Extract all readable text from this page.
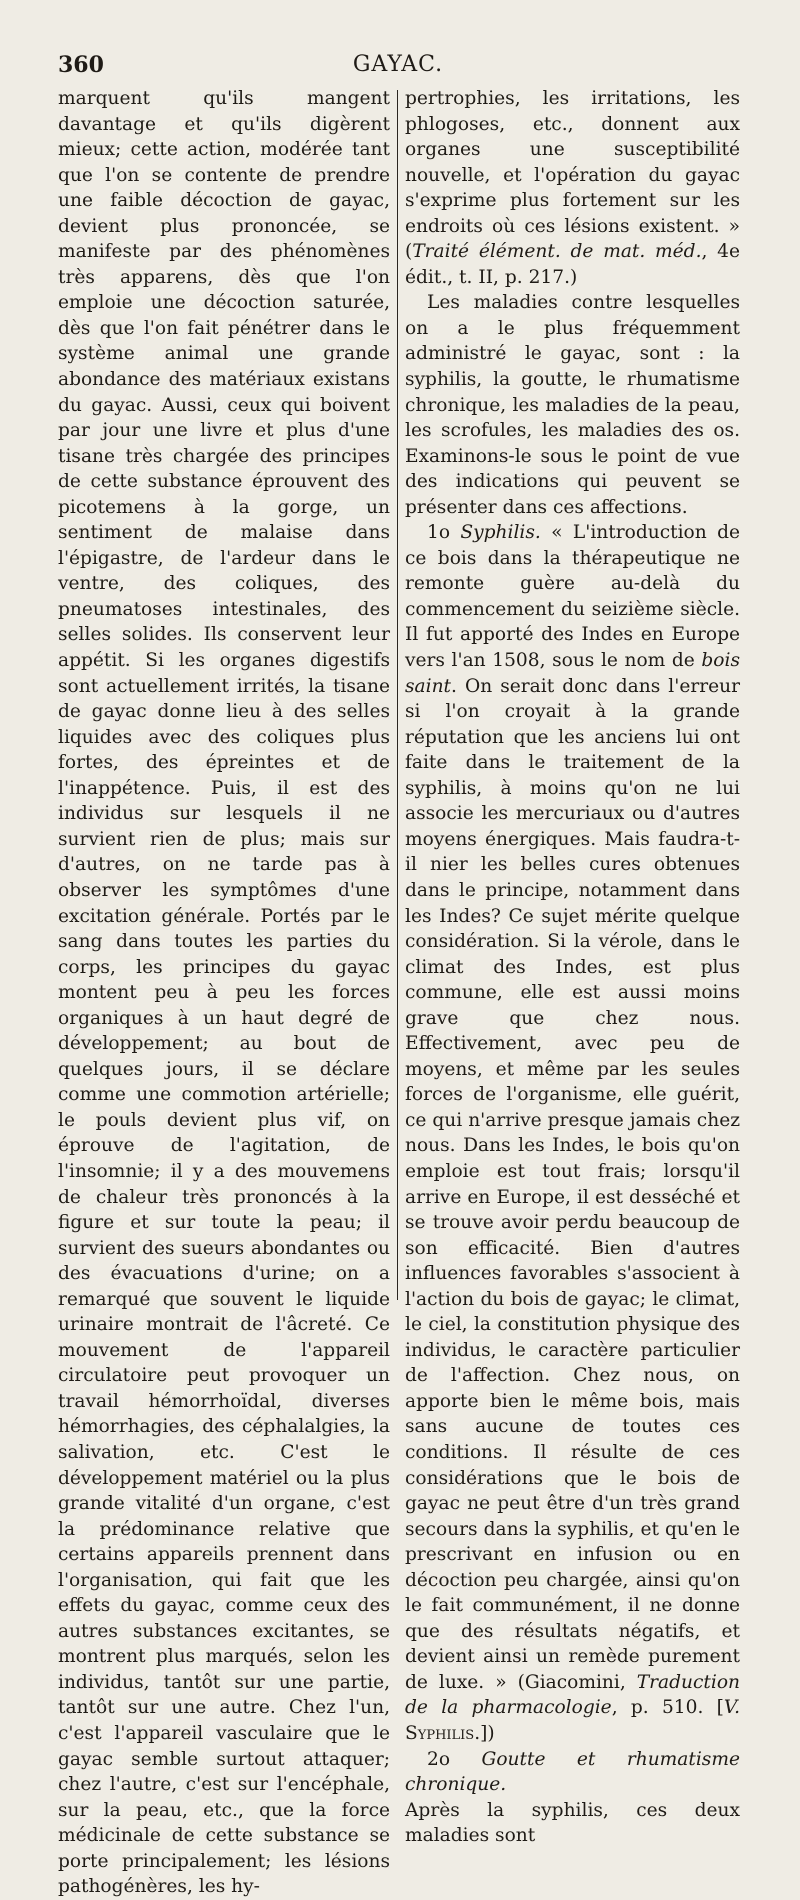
360	GAYAC.

marquent qu'ils mangent davantage et qu'ils digèrent mieux; cette action, modérée tant que l'on se contente de prendre une faible décoction de gayac, devient plus prononcée, se manifeste par des phénomènes très apparens, dès que l'on emploie une décoction saturée, dès que l'on fait pénétrer dans le système animal une grande abondance des matériaux existans du gayac. Aussi, ceux qui boivent par jour une livre et plus d'une tisane très chargée des principes de cette substance éprouvent des picotemens à la gorge, un sentiment de malaise dans l'épigastre, de l'ardeur dans le ventre, des coliques, des pneumatoses intestinales, des selles solides. Ils conservent leur appétit. Si les organes digestifs sont actuellement irrités, la tisane de gayac donne lieu à des selles liquides avec des coliques plus fortes, des épreintes et de l'inappétence. Puis, il est des individus sur lesquels il ne survient rien de plus; mais sur d'autres, on ne tarde pas à observer les symptômes d'une excitation générale. Portés par le sang dans toutes les parties du corps, les principes du gayac montent peu à peu les forces organiques à un haut degré de développement; au bout de quelques jours, il se déclare comme une commotion artérielle; le pouls devient plus vif, on éprouve de l'agitation, de l'insomnie; il y a des mouvemens de chaleur très prononcés à la figure et sur toute la peau; il survient des sueurs abondantes ou des évacuations d'urine; on a remarqué que souvent le liquide urinaire montrait de l'âcreté. Ce mouvement de l'appareil circulatoire peut provoquer un travail hémorrhoïdal, diverses hémorrhagies, des céphalalgies, la salivation, etc. C'est le développement matériel ou la plus grande vitalité d'un organe, c'est la prédominance relative que certains appareils prennent dans l'organisation, qui fait que les effets du gayac, comme ceux des autres substances excitantes, se montrent plus marqués, selon les individus, tantôt sur une partie, tantôt sur une autre. Chez l'un, c'est l'appareil vasculaire que le gayac semble surtout attaquer; chez l'autre, c'est sur l'encéphale, sur la peau, etc., que la force médicinale de cette substance se porte principalement; les lésions pathogénères, les hy-

pertrophies, les irritations, les phlogoses, etc., donnent aux organes une susceptibilité nouvelle, et l'opération du gayac s'exprime plus fortement sur les endroits où ces lésions existent. » (Traité élément. de mat. méd., 4e édit., t. II, p. 217.)

Les maladies contre lesquelles on a le plus fréquemment administré le gayac, sont : la syphilis, la goutte, le rhumatisme chronique, les maladies de la peau, les scrofules, les maladies des os. Examinons-le sous le point de vue des indications qui peuvent se présenter dans ces affections.

1o Syphilis. « L'introduction de ce bois dans la thérapeutique ne remonte guère au-delà du commencement du seizième siècle. Il fut apporté des Indes en Europe vers l'an 1508, sous le nom de bois saint. On serait donc dans l'erreur si l'on croyait à la grande réputation que les anciens lui ont faite dans le traitement de la syphilis, à moins qu'on ne lui associe les mercuriaux ou d'autres moyens énergiques. Mais faudra-t-il nier les belles cures obtenues dans le principe, notamment dans les Indes? Ce sujet mérite quelque considération. Si la vérole, dans le climat des Indes, est plus commune, elle est aussi moins grave que chez nous. Effectivement, avec peu de moyens, et même par les seules forces de l'organisme, elle guérit, ce qui n'arrive presque jamais chez nous. Dans les Indes, le bois qu'on emploie est tout frais; lorsqu'il arrive en Europe, il est desséché et se trouve avoir perdu beaucoup de son efficacité. Bien d'autres influences favorables s'associent à l'action du bois de gayac; le climat, le ciel, la constitution physique des individus, le caractère particulier de l'affection. Chez nous, on apporte bien le même bois, mais sans aucune de toutes ces conditions. Il résulte de ces considérations que le bois de gayac ne peut être d'un très grand secours dans la syphilis, et qu'en le prescrivant en infusion ou en décoction peu chargée, ainsi qu'on le fait communément, il ne donne que des résultats négatifs, et devient ainsi un remède purement de luxe. » (Giacomini, Traduction de la pharmacologie, p. 510. [V. Syphilis.])

2o Goutte et rhumatisme chronique.
Après la syphilis, ces deux maladies sont
